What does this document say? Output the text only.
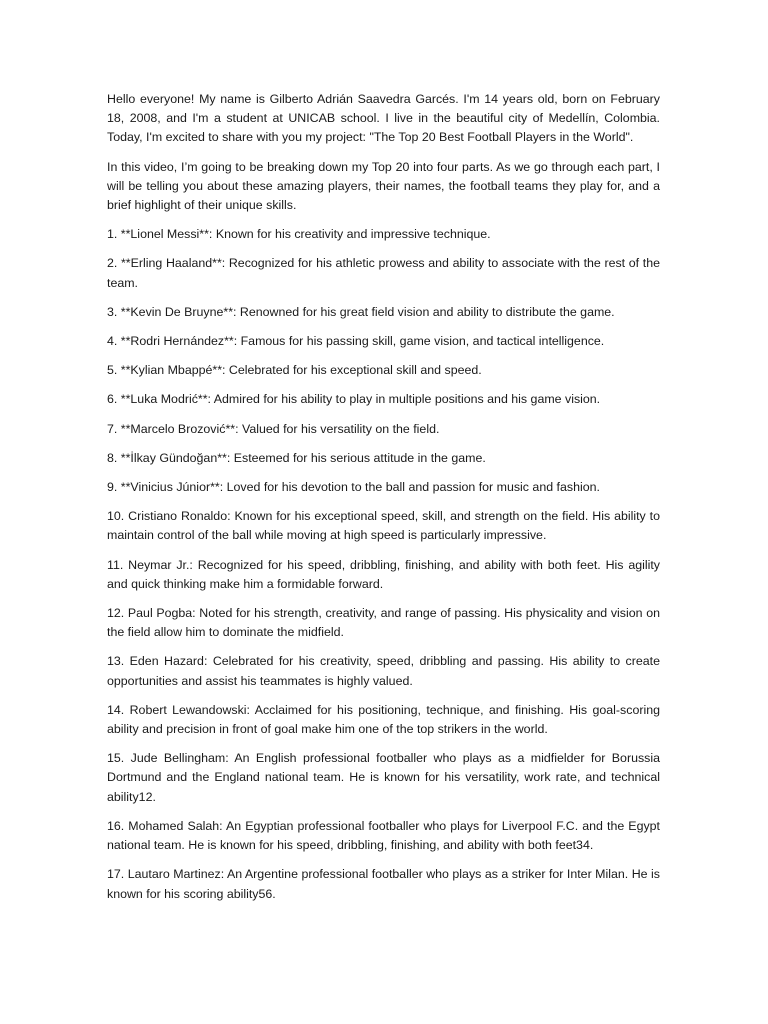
Hello everyone! My name is Gilberto Adrián Saavedra Garcés. I'm 14 years old, born on February 18, 2008, and I'm a student at UNICAB school. I live in the beautiful city of Medellín, Colombia. Today, I'm excited to share with you my project: "The Top 20 Best Football Players in the World".

In this video, I’m going to be breaking down my Top 20 into four parts. As we go through each part, I will be telling you about these amazing players, their names, the football teams they play for, and a brief highlight of their unique skills.

1. **Lionel Messi**: Known for his creativity and impressive technique.

2. **Erling Haaland**: Recognized for his athletic prowess and ability to associate with the rest of the team.

3. **Kevin De Bruyne**: Renowned for his great field vision and ability to distribute the game.

4. **Rodri Hernández**: Famous for his passing skill, game vision, and tactical intelligence.

5. **Kylian Mbappé**: Celebrated for his exceptional skill and speed.

6. **Luka Modrić**: Admired for his ability to play in multiple positions and his game vision.

7. **Marcelo Brozović**: Valued for his versatility on the field.

8. **İlkay Gündoğan**: Esteemed for his serious attitude in the game.

9. **Vinicius Júnior**: Loved for his devotion to the ball and passion for music and fashion.

10. Cristiano Ronaldo: Known for his exceptional speed, skill, and strength on the field. His ability to maintain control of the ball while moving at high speed is particularly impressive.

11. Neymar Jr.: Recognized for his speed, dribbling, finishing, and ability with both feet. His agility and quick thinking make him a formidable forward.

12. Paul Pogba: Noted for his strength, creativity, and range of passing. His physicality and vision on the field allow him to dominate the midfield.

13. Eden Hazard: Celebrated for his creativity, speed, dribbling and passing. His ability to create opportunities and assist his teammates is highly valued.

14. Robert Lewandowski: Acclaimed for his positioning, technique, and finishing. His goal-scoring ability and precision in front of goal make him one of the top strikers in the world.

15. Jude Bellingham: An English professional footballer who plays as a midfielder for Borussia Dortmund and the England national team. He is known for his versatility, work rate, and technical ability12.

16. Mohamed Salah: An Egyptian professional footballer who plays for Liverpool F.C. and the Egypt national team. He is known for his speed, dribbling, finishing, and ability with both feet34.

17. Lautaro Martinez: An Argentine professional footballer who plays as a striker for Inter Milan. He is known for his scoring ability56.
